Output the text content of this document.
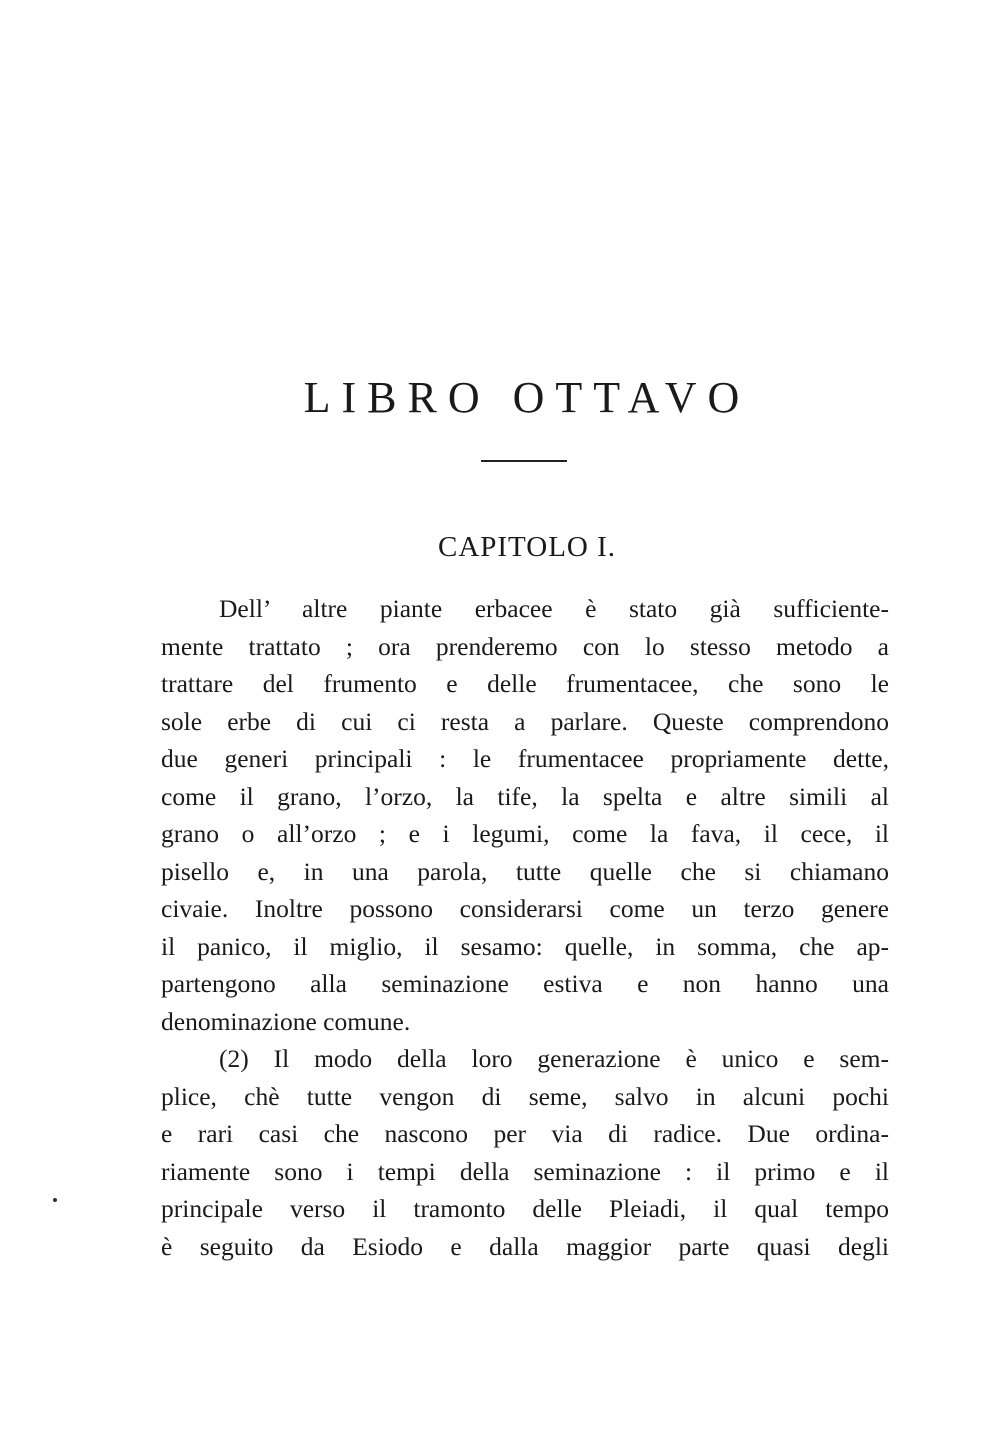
LIBRO OTTAVO
CAPITOLO I.
Dell’ altre piante erbacee è stato già sufficiente-
mente trattato ; ora prenderemo con lo stesso metodo a
trattare del frumento e delle frumentacee, che sono le
sole erbe di cui ci resta a parlare. Queste comprendono
due generi principali : le frumentacee propriamente dette,
come il grano, l’orzo, la tife, la spelta e altre simili al
grano o all’orzo ; e i legumi, come la fava, il cece, il
pisello e, in una parola, tutte quelle che si chiamano
civaie. Inoltre possono considerarsi come un terzo genere
il panico, il miglio, il sesamo: quelle, in somma, che ap-
partengono alla seminazione estiva e non hanno una
denominazione comune.
(2) Il modo della loro generazione è unico e sem-
plice, chè tutte vengon di seme, salvo in alcuni pochi
e rari casi che nascono per via di radice. Due ordina-
riamente sono i tempi della seminazione : il primo e il
principale verso il tramonto delle Pleiadi, il qual tempo
è seguito da Esiodo e dalla maggior parte quasi degli
